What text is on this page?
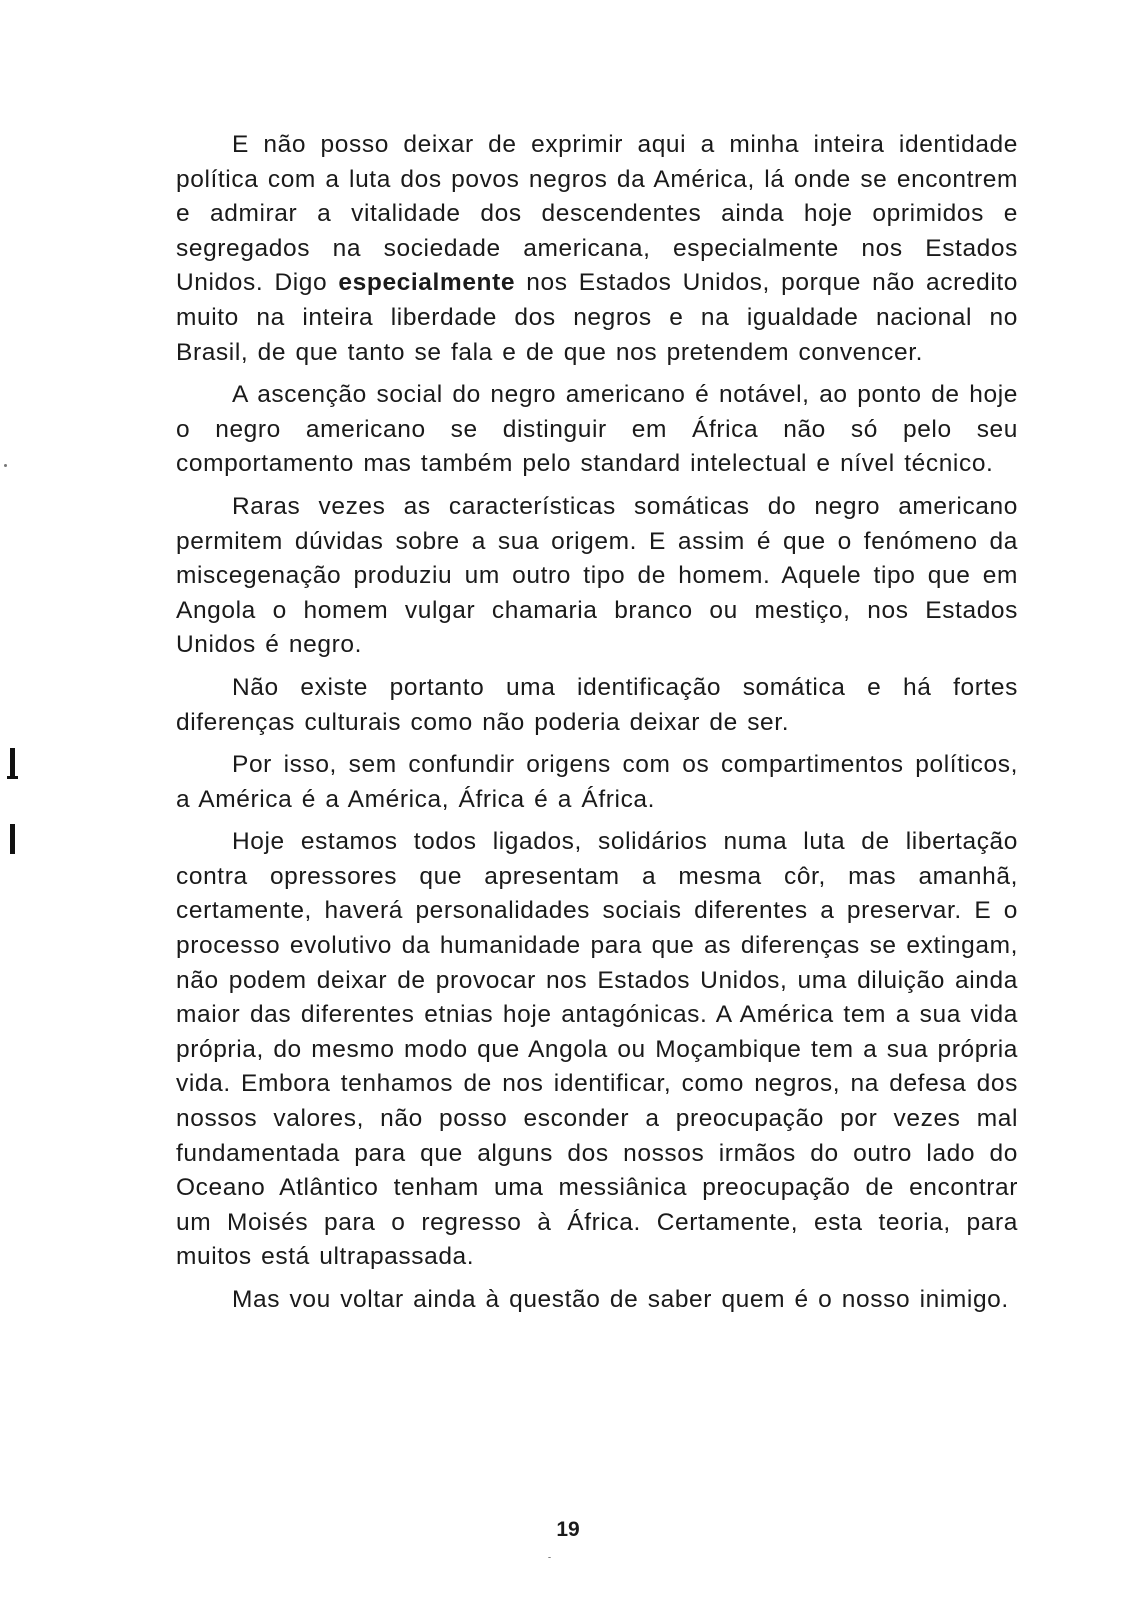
E não posso deixar de exprimir aqui a minha inteira identidade política com a luta dos povos negros da América, lá onde se encontrem e admirar a vitalidade dos descendentes ainda hoje oprimidos e segregados na sociedade americana, especialmente nos Estados Unidos. Digo especialmente nos Estados Unidos, porque não acredito muito na inteira liberdade dos negros e na igualdade nacional no Brasil, de que tanto se fala e de que nos pretendem convencer.

A ascenção social do negro americano é notável, ao ponto de hoje o negro americano se distinguir em África não só pelo seu comportamento mas também pelo standard intelectual e nível técnico.

Raras vezes as características somáticas do negro americano permitem dúvidas sobre a sua origem. E assim é que o fenómeno da miscegenação produziu um outro tipo de homem. Aquele tipo que em Angola o homem vulgar chamaria branco ou mestiço, nos Estados Unidos é negro.

Não existe portanto uma identificação somática e há fortes diferenças culturais como não poderia deixar de ser.

Por isso, sem confundir origens com os compartimentos políticos, a América é a América, África é a África.

Hoje estamos todos ligados, solidários numa luta de libertação contra opressores que apresentam a mesma côr, mas amanhã, certamente, haverá personalidades sociais diferentes a preservar. E o processo evolutivo da humanidade para que as diferenças se extingam, não podem deixar de provocar nos Estados Unidos, uma diluição ainda maior das diferentes etnias hoje antagónicas. A América tem a sua vida própria, do mesmo modo que Angola ou Moçambique tem a sua própria vida. Embora tenhamos de nos identificar, como negros, na defesa dos nossos valores, não posso esconder a preocupação por vezes mal fundamentada para que alguns dos nossos irmãos do outro lado do Oceano Atlântico tenham uma messiânica preocupação de encontrar um Moisés para o regresso à África. Certamente, esta teoria, para muitos está ultrapassada.

Mas vou voltar ainda à questão de saber quem é o nosso inimigo.

19
